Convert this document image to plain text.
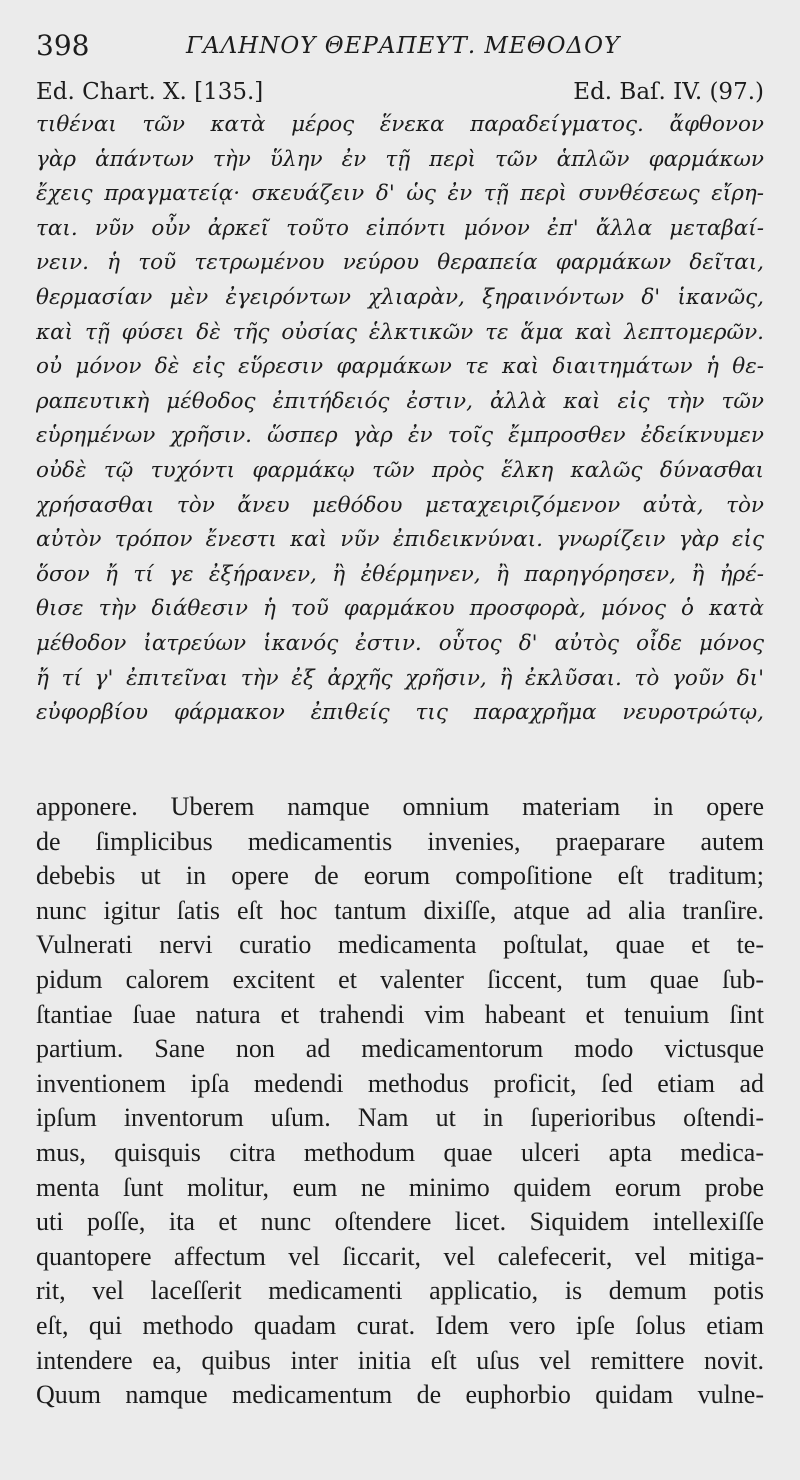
398	ΓΑΛΗΝΟΥ ΘΕΡΑΠΕΥΤ. ΜΕΘΟΔΟΥ
Ed. Chart. X. [135.]	Ed. Baſ. IV. (97.)
τιθέναι τῶν κατὰ μέρος ἕνεκα παραδείγματος. ἄφθονον
γὰρ ἁπάντων τὴν ὕλην ἐν τῇ περὶ τῶν ἁπλῶν φαρμάκων
ἔχεις πραγματείᾳ· σκευάζειν δ' ὡς ἐν τῇ περὶ συνθέσεως εἴρη-
ται. νῦν οὖν ἀρκεῖ τοῦτο εἰπόντι μόνον ἐπ' ἄλλα μεταβαί-
νειν. ἡ τοῦ τετρωμένου νεύρου θεραπεία φαρμάκων δεῖται,
θερμασίαν μὲν ἐγειρόντων χλιαρὰν, ξηραινόντων δ' ἱκανῶς,
καὶ τῇ φύσει δὲ τῆς οὐσίας ἑλκτικῶν τε ἅμα καὶ λεπτομερῶν.
οὐ μόνον δὲ εἰς εὕρεσιν φαρμάκων τε καὶ διαιτημάτων ἡ θε-
ραπευτικὴ μέθοδος ἐπιτήδειός ἐστιν, ἀλλὰ καὶ εἰς τὴν τῶν
εὑρημένων χρῆσιν. ὥσπερ γὰρ ἐν τοῖς ἔμπροσθεν ἐδείκνυμεν
οὐδὲ τῷ τυχόντι φαρμάκῳ τῶν πρὸς ἕλκη καλῶς δύνασθαι
χρήσασθαι τὸν ἄνευ μεθόδου μεταχειριζόμενον αὐτὰ, τὸν
αὐτὸν τρόπον ἔνεστι καὶ νῦν ἐπιδεικνύναι. γνωρίζειν γὰρ εἰς
ὅσον ἤ τί γε ἐξήρανεν, ἢ ἐθέρμηνεν, ἢ παρηγόρησεν, ἢ ἠρέ-
θισε τὴν διάθεσιν ἡ τοῦ φαρμάκου προσφορὰ, μόνος ὁ κατὰ
μέθοδον ἰατρεύων ἱκανός ἐστιν. οὗτος δ' αὐτὸς οἶδε μόνος
ἤ τί γ' ἐπιτεῖναι τὴν ἐξ ἀρχῆς χρῆσιν, ἢ ἐκλῦσαι. τὸ γοῦν δι'
εὐφορβίου φάρμακον ἐπιθείς τις παραχρῆμα νευροτρώτῳ,
apponere. Uberem namque omnium materiam in opere
de ſimplicibus medicamentis invenies, praeparare autem
debebis ut in opere de eorum compoſitione eſt traditum;
nunc igitur ſatis eſt hoc tantum dixiſſe, atque ad alia tranſire.
Vulnerati nervi curatio medicamenta poſtulat, quae et te-
pidum calorem excitent et valenter ſiccent, tum quae ſub-
ſtantiae ſuae natura et trahendi vim habeant et tenuium ſint
partium. Sane non ad medicamentorum modo victusque
inventionem ipſa medendi methodus proficit, ſed etiam ad
ipſum inventorum uſum. Nam ut in ſuperioribus oſtendi-
mus, quisquis citra methodum quae ulceri apta medica-
menta ſunt molitur, eum ne minimo quidem eorum probe
uti poſſe, ita et nunc oſtendere licet. Siquidem intellexiſſe
quantopere affectum vel ſiccarit, vel calefecerit, vel mitiga-
rit, vel laceſſerit medicamenti applicatio, is demum potis
eſt, qui methodo quadam curat. Idem vero ipſe ſolus etiam
intendere ea, quibus inter initia eſt uſus vel remittere novit.
Quum namque medicamentum de euphorbio quidam vulne-
